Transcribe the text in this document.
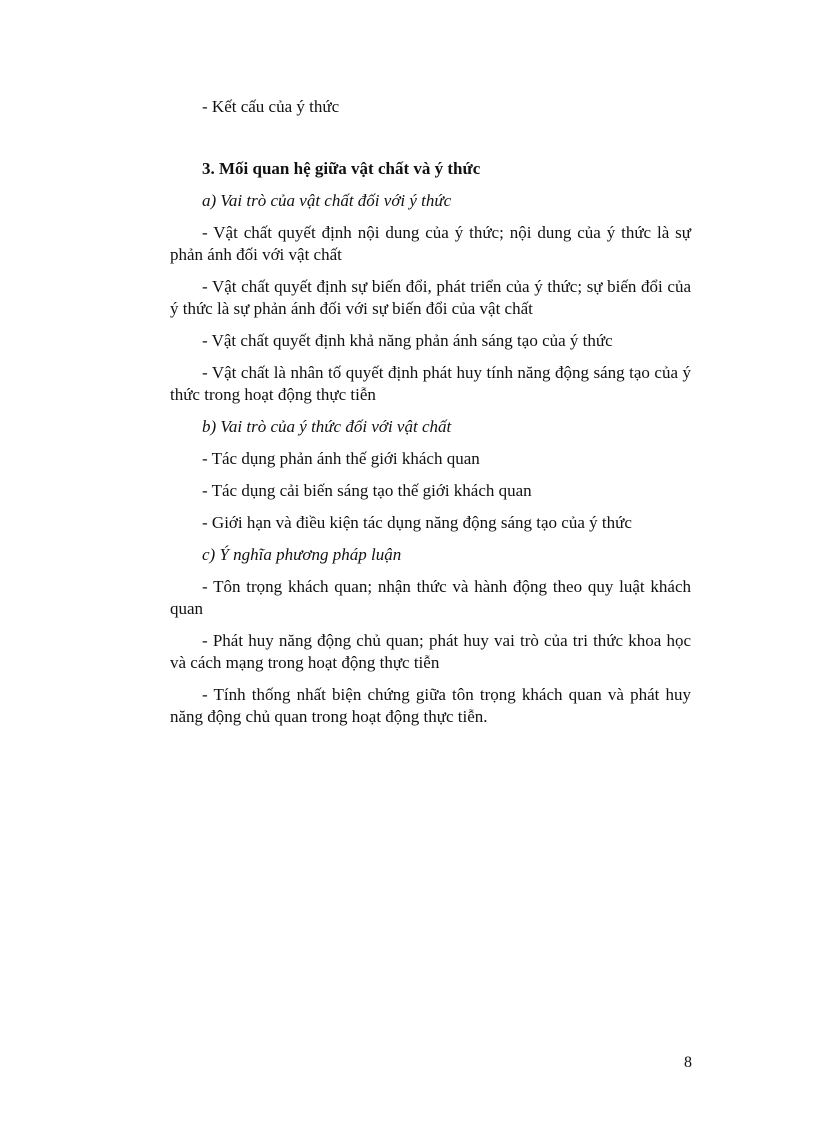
- Kết cấu của ý thức

3. Mối quan hệ giữa vật chất và ý thức

a) Vai trò của vật chất đối với ý thức

- Vật chất quyết định nội dung của ý thức; nội dung của ý thức là sự phản ánh đối với vật chất

- Vật chất quyết định sự biến đổi, phát triển của ý thức; sự biến đổi của ý thức là sự phản ánh đối với sự biến đổi của vật chất

- Vật chất quyết định khả năng phản ánh sáng tạo của ý thức

- Vật chất là nhân tố quyết định phát huy tính năng động sáng tạo của ý thức trong hoạt động thực tiễn

b) Vai trò của ý thức đối với vật chất

- Tác dụng phản ánh thế giới khách quan

- Tác dụng cải biến sáng tạo thế giới khách quan

- Giới hạn và điều kiện tác dụng năng động sáng tạo của ý thức

c) Ý nghĩa phương pháp luận

- Tôn trọng khách quan; nhận thức và hành động theo quy luật khách quan

- Phát huy năng động chủ quan; phát huy vai trò của tri thức khoa học và cách mạng trong hoạt động thực tiễn

- Tính thống nhất biện chứng giữa tôn trọng khách quan và phát huy năng động chủ quan trong hoạt động thực tiễn.

8
